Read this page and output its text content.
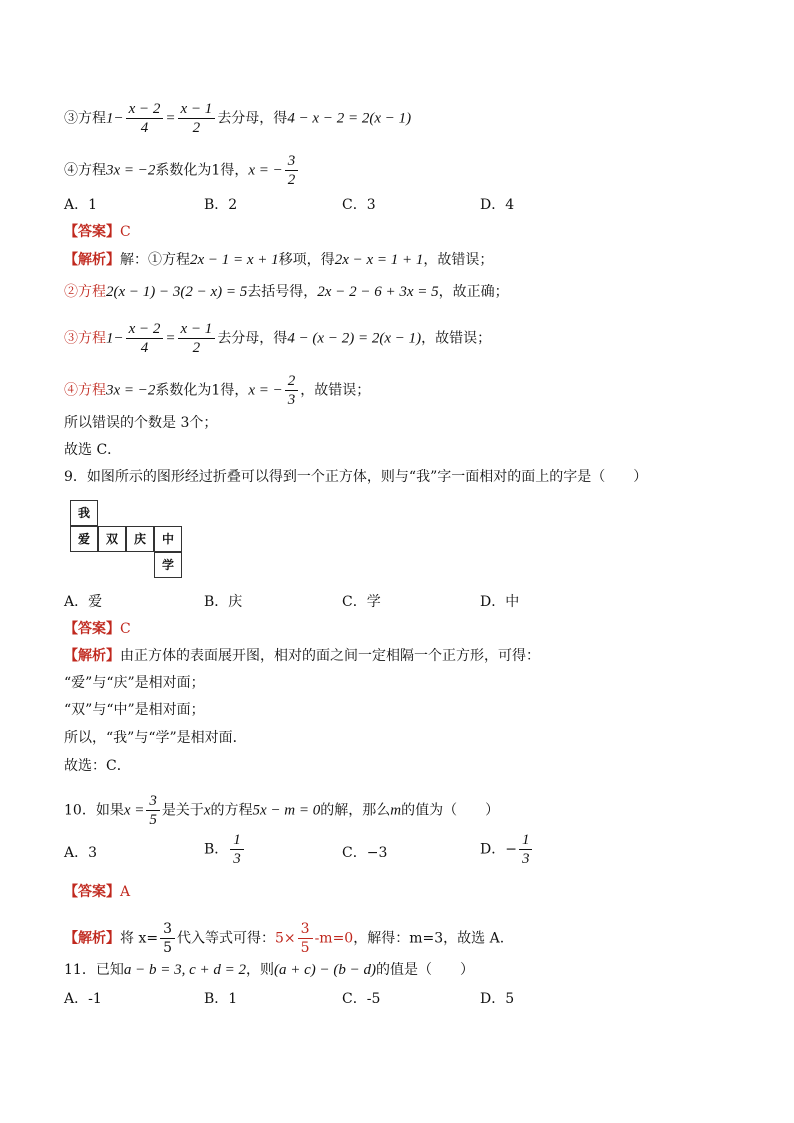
③方程$1- \frac{x - 2}{4} = \frac{x - 1}{2}$ 去分母，得4 − x − 2 = 2(x − 1)
④方程3x = −2系数化为1得，x = − $\frac{3}{2}$
A．1	B．2	C．3	D．4
【答案】C
【解析】解：①方程2x − 1 = x + 1移项，得2x − x = 1 + 1，故错误；
②方程2(x − 1) − 3(2 − x) = 5去括号得，2x − 2 − 6 + 3x = 5，故正确；
③方程$1- \frac{x - 2}{4} = \frac{x - 1}{2}$ 去分母，得4 − (x − 2) = 2(x − 1)，故错误；
④方程3x = −2系数化为1得，x = − $\frac{2}{3}$ ，故错误；
所以错误的个数是 3个；
故选 C．
9．如图所示的图形经过折叠可以得到一个正方体，则与“我”字一面相对的面上的字是（　　）
我
爱	双	庆	中
学
A．爱	B．庆	C．学	D．中
【答案】C
【解析】由正方体的表面展开图，相对的面之间一定相隔一个正方形，可得：
“爱”与“庆”是相对面；
“双”与“中”是相对面；
所以，“我”与“学”是相对面．
故选：C．
10．如果$x = \frac{3}{5}$ 是关于x的方程5x − m = 0的解，那么m的值为（　　）
A．3	B． $\frac{1}{3}$	C．−3	D．− $\frac{1}{3}$
【答案】A
【解析】将 $x= \frac{3}{5}$ 代入等式可得：$5\times \frac{3}{5} -m=0$，解得：m=3，故选 A.
11．已知a − b = 3, c + d = 2，则(a + c) − (b − d)的值是（　　）
A．-1	B．1	C．-5	D．5
